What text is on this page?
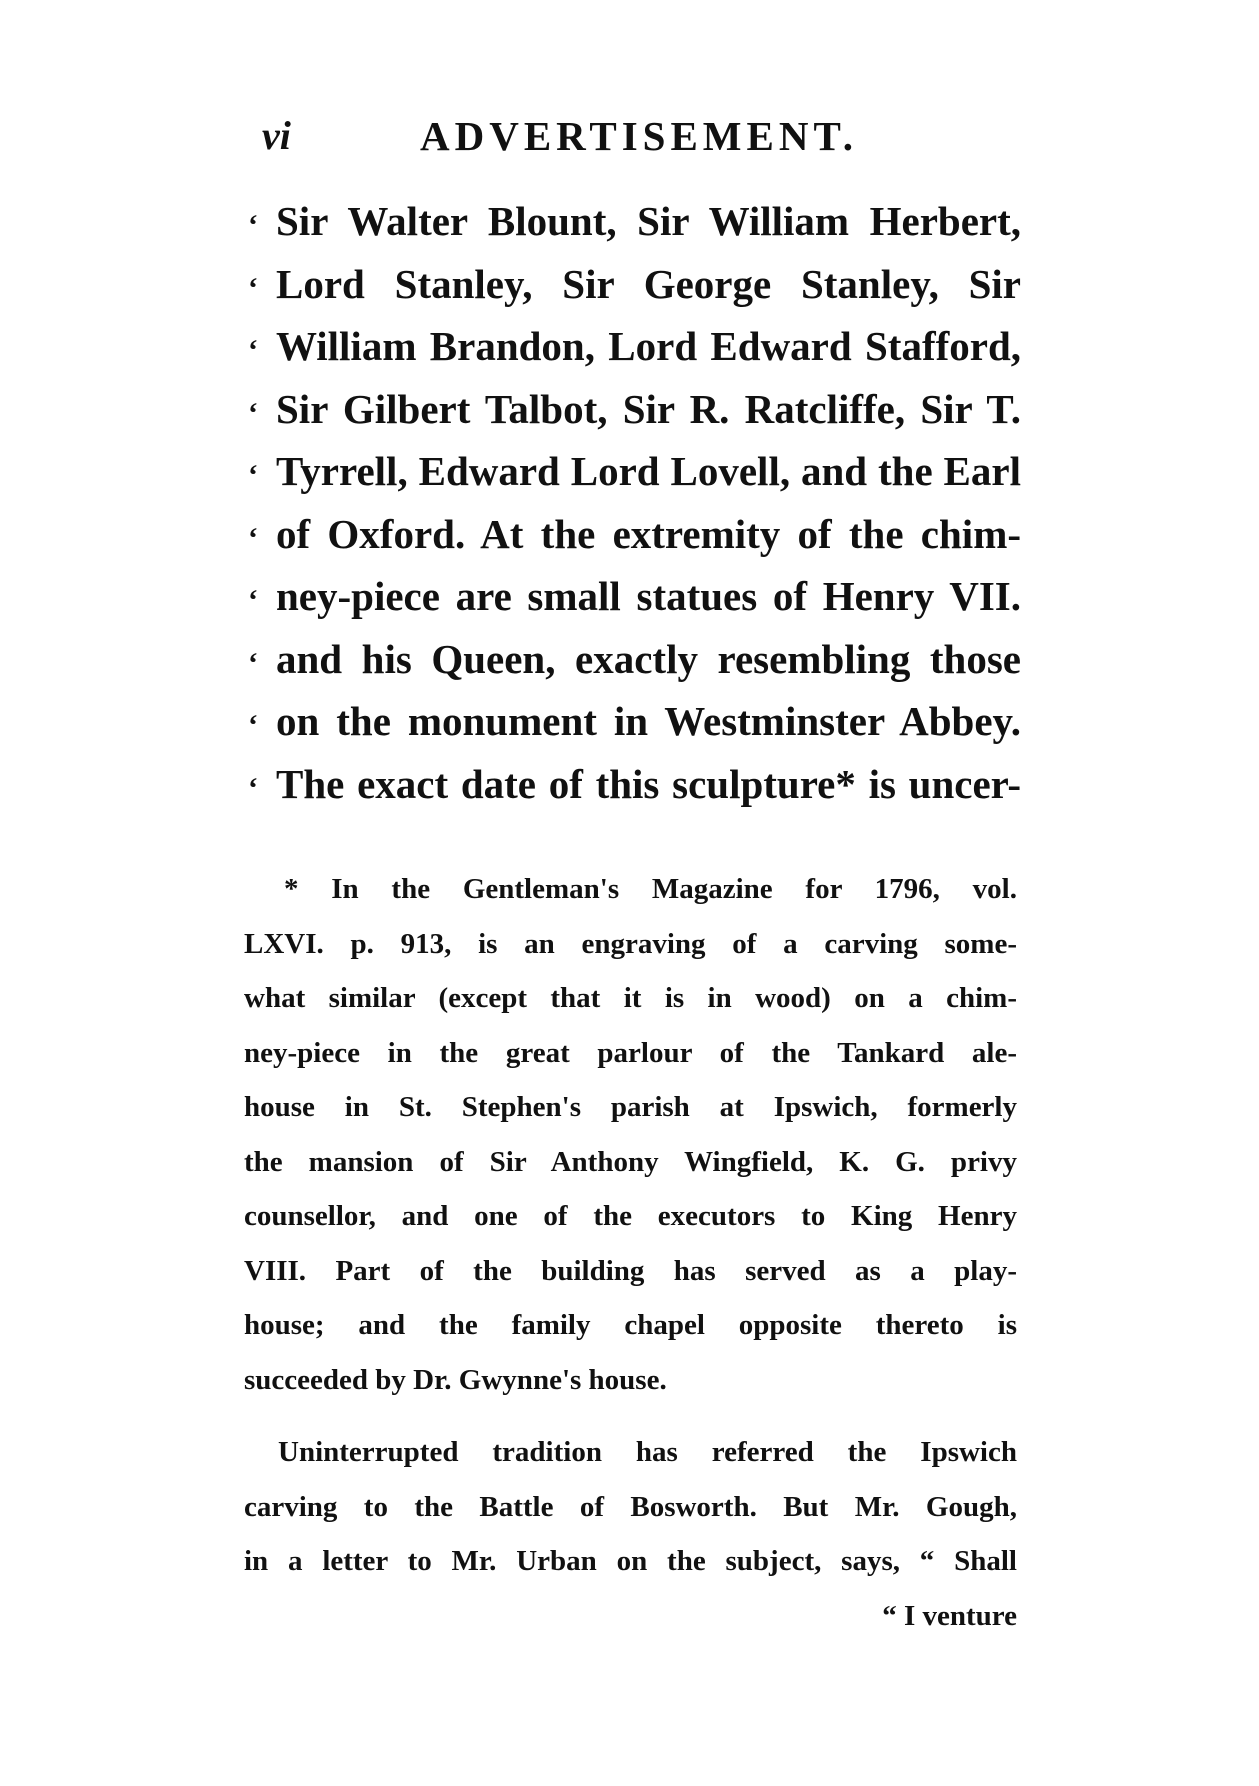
vi	ADVERTISEMENT.
‘ Sir Walter Blount, Sir William Herbert,
‘ Lord Stanley, Sir George Stanley, Sir
‘ William Brandon, Lord Edward Stafford,
‘ Sir Gilbert Talbot, Sir R. Ratcliffe, Sir T.
‘ Tyrrell, Edward Lord Lovell, and the Earl
‘ of Oxford. At the extremity of the chim-
‘ ney-piece are small statues of Henry VII.
‘ and his Queen, exactly resembling those
‘ on the monument in Westminster Abbey.
‘ The exact date of this sculpture* is uncer-
* In the Gentleman's Magazine for 1796, vol.
LXVI. p. 913, is an engraving of a carving some-
what similar (except that it is in wood) on a chim-
ney-piece in the great parlour of the Tankard ale-
house in St. Stephen's parish at Ipswich, formerly
the mansion of Sir Anthony Wingfield, K. G. privy
counsellor, and one of the executors to King Henry
VIII. Part of the building has served as a play-
house; and the family chapel opposite thereto is
succeeded by Dr. Gwynne's house.
Uninterrupted tradition has referred the Ipswich
carving to the Battle of Bosworth. But Mr. Gough,
in a letter to Mr. Urban on the subject, says, “ Shall
“ I venture
